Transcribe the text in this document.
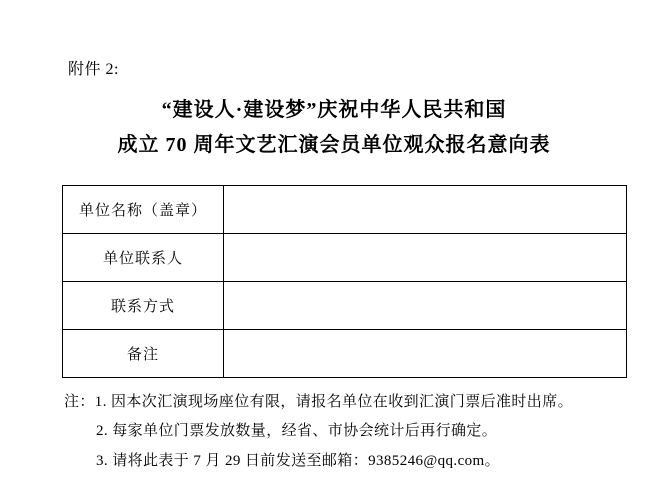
附件 2:
“建设人·建设梦”庆祝中华人民共和国
成立 70 周年文艺汇演会员单位观众报名意向表
单位名称（盖章）	
单位联系人	
联系方式	
备注	
注：1. 因本次汇演现场座位有限，请报名单位在收到汇演门票后准时出席。
2. 每家单位门票发放数量，经省、市协会统计后再行确定。
3. 请将此表于 7 月 29 日前发送至邮箱：9385246@qq.com。
